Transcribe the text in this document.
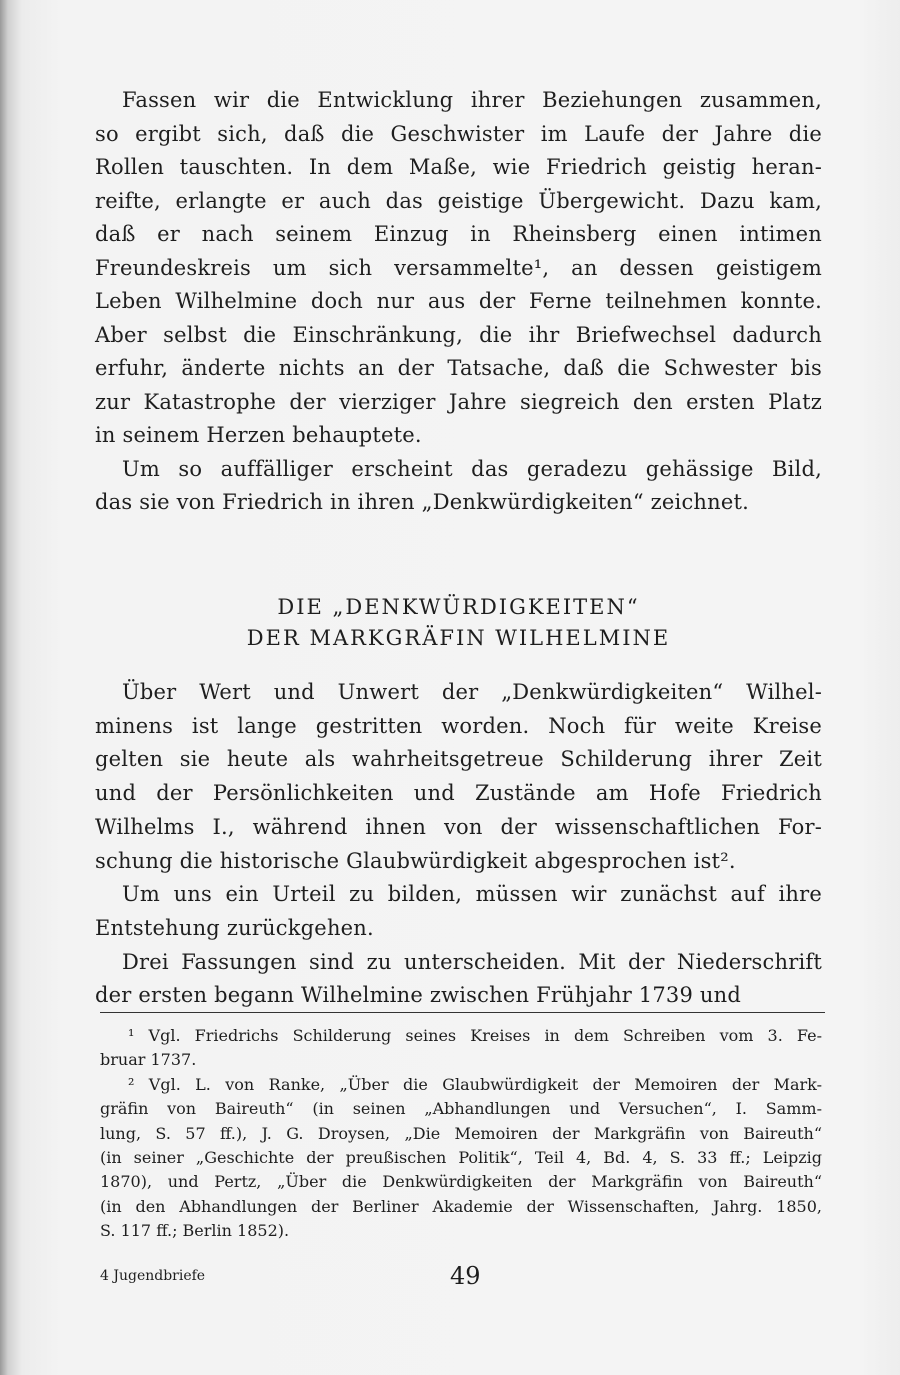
Fassen wir die Entwicklung ihrer Beziehungen zusammen,
so ergibt sich, daß die Geschwister im Laufe der Jahre die
Rollen tauschten. In dem Maße, wie Friedrich geistig heran-
reifte, erlangte er auch das geistige Übergewicht. Dazu kam,
daß er nach seinem Einzug in Rheinsberg einen intimen
Freundeskreis um sich versammelte¹, an dessen geistigem
Leben Wilhelmine doch nur aus der Ferne teilnehmen konnte.
Aber selbst die Einschränkung, die ihr Briefwechsel dadurch
erfuhr, änderte nichts an der Tatsache, daß die Schwester bis
zur Katastrophe der vierziger Jahre siegreich den ersten Platz
in seinem Herzen behauptete.
Um so auffälliger erscheint das geradezu gehässige Bild,
das sie von Friedrich in ihren „Denkwürdigkeiten“ zeichnet.
Über Wert und Unwert der „Denkwürdigkeiten“ Wilhel-
minens ist lange gestritten worden. Noch für weite Kreise
gelten sie heute als wahrheitsgetreue Schilderung ihrer Zeit
und der Persönlichkeiten und Zustände am Hofe Friedrich
Wilhelms I., während ihnen von der wissenschaftlichen For-
schung die historische Glaubwürdigkeit abgesprochen ist².
Um uns ein Urteil zu bilden, müssen wir zunächst auf ihre
Entstehung zurückgehen.
Drei Fassungen sind zu unterscheiden. Mit der Niederschrift
der ersten begann Wilhelmine zwischen Frühjahr 1739 und
¹ Vgl. Friedrichs Schilderung seines Kreises in dem Schreiben vom 3. Fe-
bruar 1737.
² Vgl. L. von Ranke, „Über die Glaubwürdigkeit der Memoiren der Mark-
gräfin von Baireuth“ (in seinen „Abhandlungen und Versuchen“, I. Samm-
lung, S. 57 ff.), J. G. Droysen, „Die Memoiren der Markgräfin von Baireuth“
(in seiner „Geschichte der preußischen Politik“, Teil 4, Bd. 4, S. 33 ff.; Leipzig
1870), und Pertz, „Über die Denkwürdigkeiten der Markgräfin von Baireuth“
(in den Abhandlungen der Berliner Akademie der Wissenschaften, Jahrg. 1850,
S. 117 ff.; Berlin 1852).
DIE „DENKWÜRDIGKEITEN“
DER MARKGRÄFIN WILHELMINE
4 Jugendbriefe	49
